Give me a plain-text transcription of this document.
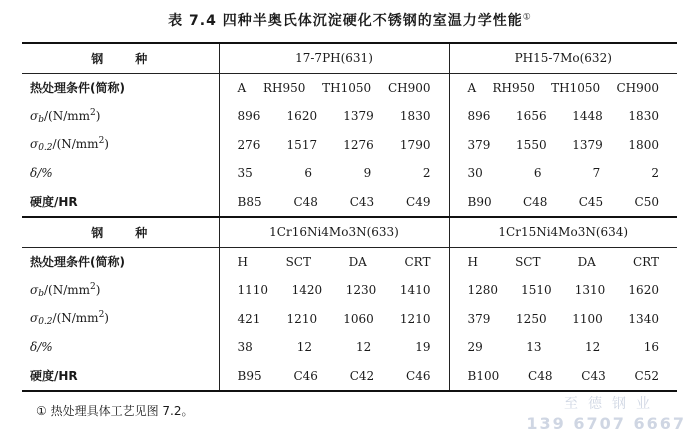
表 7.4 四种半奥氏体沉淀硬化不锈钢的室温力学性能①
钢　种	17-7PH(631)	PH15-7Mo(632)
热处理条件(简称)	A RH950 TH1050 CH900	A RH950 TH1050 CH900

$\sigma_b/(N/mm^2)$	896 1620 1379 1830	896 1656 1448 1830

$\sigma_{0.2}/(N/mm^2)$	276 1517 1276 1790	379 1550 1379 1800

δ/%	35 6 9 2	30 6 7 2

硬度/HR	B85 C48 C43 C49	B90 C48 C45 C50

钢　种	1Cr16Ni4Mo3N(633)	1Cr15Ni4Mo3N(634)
热处理条件(简称)	H SCT DA CRT	H SCT DA CRT

$\sigma_b/(N/mm^2)$	1110 1420 1230 1410	1280 1510 1310 1620

$\sigma_{0.2}/(N/mm^2)$	421 1210 1060 1210	379 1250 1100 1340

δ/%	38 12 12 19	29 13 12 16

硬度/HR	B95 C46 C42 C46	B100 C48 C43 C52
① 热处理具体工艺见图 7.2。	至德钢业
139 6707 6667
